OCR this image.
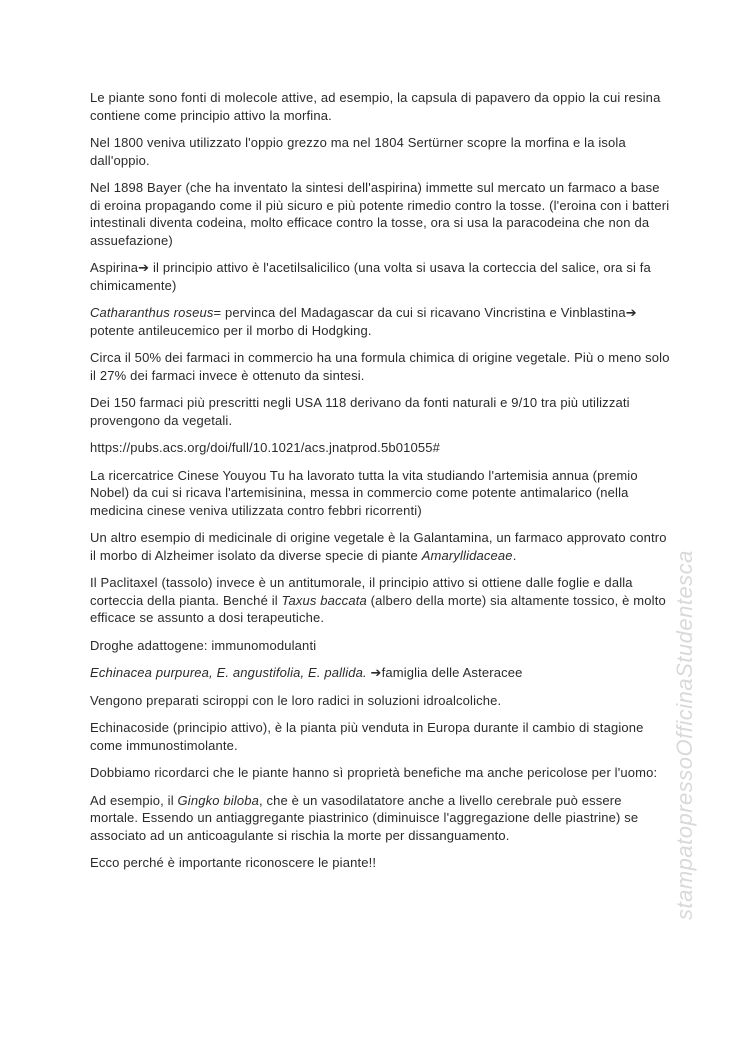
Le piante sono fonti di molecole attive, ad esempio, la capsula di papavero da oppio la cui resina contiene come principio attivo la morfina.

Nel 1800 veniva utilizzato l'oppio grezzo ma nel 1804 Sertürner scopre la morfina e la isola dall'oppio.

Nel 1898 Bayer (che ha inventato la sintesi dell'aspirina) immette sul mercato un farmaco a base di eroina propagando come il più sicuro e più potente rimedio contro la tosse. (l'eroina con i batteri intestinali diventa codeina, molto efficace contro la tosse, ora si usa la paracodeina che non da assuefazione)

Aspirina➔ il principio attivo è l'acetilsalicilico (una volta si usava la corteccia del salice, ora si fa chimicamente)

Catharanthus roseus= pervinca del Madagascar da cui si ricavano Vincristina e Vinblastina➔ potente antileucemico per il morbo di Hodgking.

Circa il 50% dei farmaci in commercio ha una formula chimica di origine vegetale. Più o meno solo il 27% dei farmaci invece è ottenuto da sintesi.

Dei 150 farmaci più prescritti negli USA 118 derivano da fonti naturali e 9/10 tra più utilizzati provengono da vegetali.

https://pubs.acs.org/doi/full/10.1021/acs.jnatprod.5b01055#

La ricercatrice Cinese Youyou Tu ha lavorato tutta la vita studiando l'artemisia annua (premio Nobel) da cui si ricava l'artemisinina, messa in commercio come potente antimalarico (nella medicina cinese veniva utilizzata contro febbri ricorrenti)

Un altro esempio di medicinale di origine vegetale è la Galantamina, un farmaco approvato contro il morbo di Alzheimer isolato da diverse specie di piante Amaryllidaceae.

Il Paclitaxel (tassolo) invece è un antitumorale, il principio attivo si ottiene dalle foglie e dalla corteccia della pianta. Benché il Taxus baccata (albero della morte) sia altamente tossico, è molto efficace se assunto a dosi terapeutiche.

Droghe adattogene: immunomodulanti

Echinacea purpurea, E. angustifolia, E. pallida. ➔famiglia delle Asteracee

Vengono preparati sciroppi con le loro radici in soluzioni idroalcoliche.

Echinacoside (principio attivo), è la pianta più venduta in Europa durante il cambio di stagione come immunostimolante.

Dobbiamo ricordarci che le piante hanno sì proprietà benefiche ma anche pericolose per l'uomo:

Ad esempio, il Gingko biloba, che è un vasodilatatore anche a livello cerebrale può essere mortale. Essendo un antiaggregante piastrinico (diminuisce l'aggregazione delle piastrine) se associato ad un anticoagulante si rischia la morte per dissanguamento.

Ecco perché è importante riconoscere le piante!!	stampatopressoOfficinaStudentesca
